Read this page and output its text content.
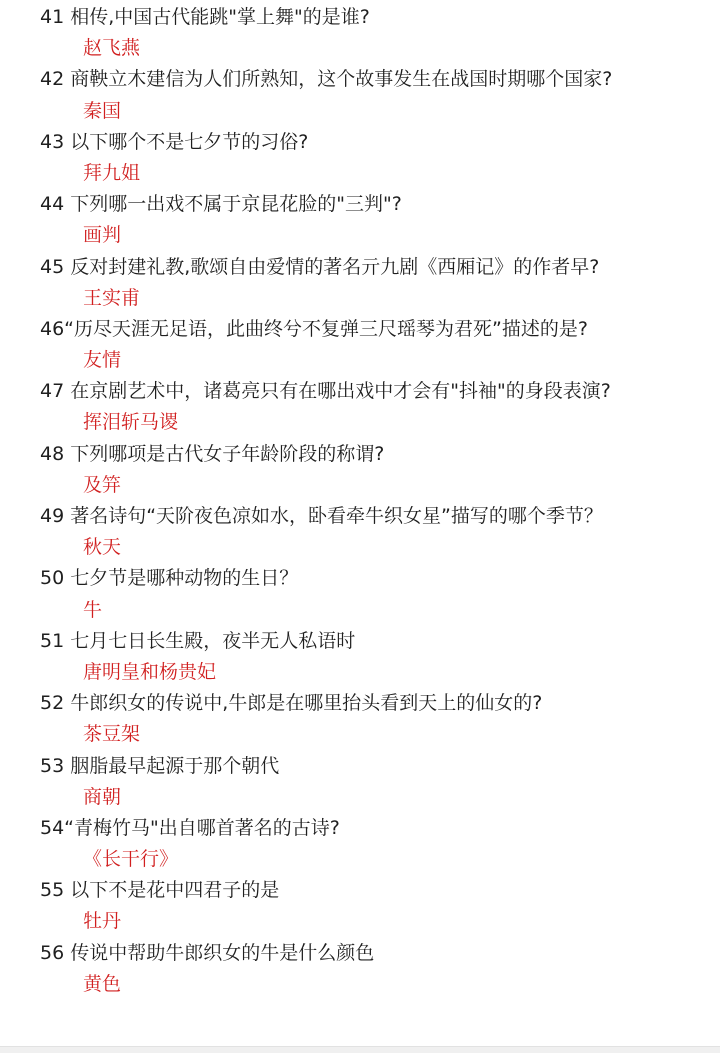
41 相传,中国古代能跳"掌上舞"的是谁?
赵飞燕
42 商鞅立木建信为人们所熟知，这个故事发生在战国时期哪个国家?
秦国
43 以下哪个不是七夕节的习俗?
拜九姐
44 下列哪一出戏不属于京昆花脸的"三判"?
画判
45 反对封建礼教,歌颂自由爱情的著名亓九剧《西厢记》的作者早?
王实甫
46“历尽天涯无足语，此曲终兮不复弹三尺瑶琴为君死”描述的是?
友情
47 在京剧艺术中，诸葛亮只有在哪出戏中才会有"抖袖"的身段表演?
挥泪斩马谡
48 下列哪项是古代女子年龄阶段的称谓?
及笄
49 著名诗句“天阶夜色凉如水，卧看牵牛织女星”描写的哪个季节？
秋天
50 七夕节是哪种动物的生日？
牛
51 七月七日长生殿，夜半无人私语时
唐明皇和杨贵妃
52 牛郎织女的传说中,牛郎是在哪里抬头看到天上的仙女的?
茶豆架
53 胭脂最早起源于那个朝代
商朝
54“青梅竹马"出自哪首著名的古诗?
《长干行》
55 以下不是花中四君子的是
牡丹
56 传说中帮助牛郎织女的牛是什么颜色
黄色
